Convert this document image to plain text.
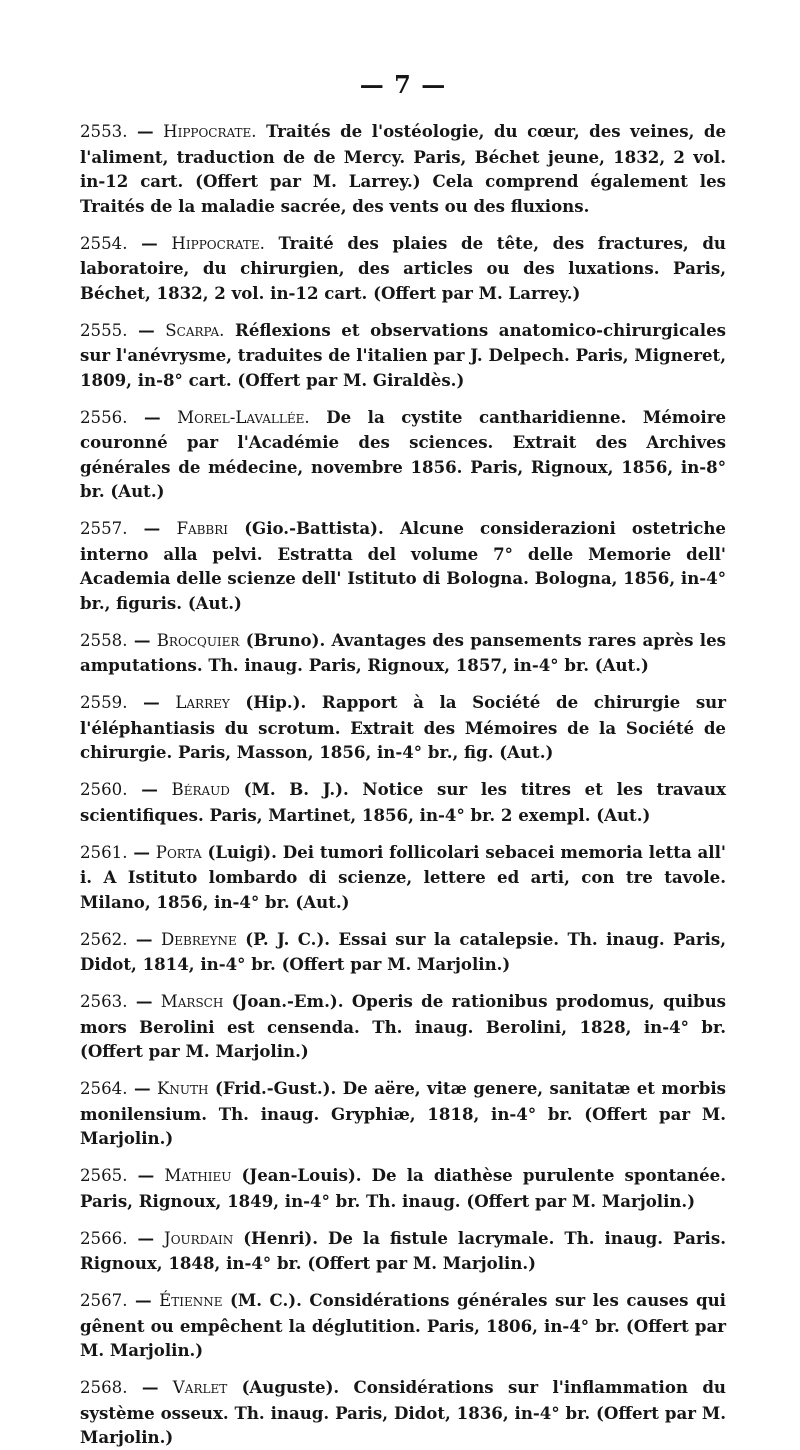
— 7 —

2553. — Hippocrate. Traités de l'ostéologie, du cœur, des veines, de l'aliment, traduction de de Mercy. Paris, Béchet jeune, 1832, 2 vol. in-12 cart. (Offert par M. Larrey.) Cela comprend également les Traités de la maladie sacrée, des vents ou des fluxions.

2554. — Hippocrate. Traité des plaies de tête, des fractures, du laboratoire, du chirurgien, des articles ou des luxations. Paris, Béchet, 1832, 2 vol. in-12 cart. (Offert par M. Larrey.)

2555. — Scarpa. Réflexions et observations anatomico-chirurgicales sur l'anévrysme, traduites de l'italien par J. Delpech. Paris, Migneret, 1809, in-8° cart. (Offert par M. Giraldès.)

2556. — Morel-Lavallée. De la cystite cantharidienne. Mémoire couronné par l'Académie des sciences. Extrait des Archives générales de médecine, novembre 1856. Paris, Rignoux, 1856, in-8° br. (Aut.)

2557. — Fabbri (Gio.-Battista). Alcune considerazioni ostetriche interno alla pelvi. Estratta del volume 7° delle Memorie dell' Academia delle scienze dell' Istituto di Bologna. Bologna, 1856, in-4° br., figuris. (Aut.)

2558. — Brocquier (Bruno). Avantages des pansements rares après les amputations. Th. inaug. Paris, Rignoux, 1857, in-4° br. (Aut.)

2559. — Larrey (Hip.). Rapport à la Société de chirurgie sur l'éléphantiasis du scrotum. Extrait des Mémoires de la Société de chirurgie. Paris, Masson, 1856, in-4° br., fig. (Aut.)

2560. — Béraud (M. B. J.). Notice sur les titres et les travaux scientifiques. Paris, Martinet, 1856, in-4° br. 2 exempl. (Aut.)

2561. — Porta (Luigi). Dei tumori follicolari sebacei memoria letta all' i. A Istituto lombardo di scienze, lettere ed arti, con tre tavole. Milano, 1856, in-4° br. (Aut.)

2562. — Debreyne (P. J. C.). Essai sur la catalepsie. Th. inaug. Paris, Didot, 1814, in-4° br. (Offert par M. Marjolin.)

2563. — Marsch (Joan.-Em.). Operis de rationibus prodomus, quibus mors Berolini est censenda. Th. inaug. Berolini, 1828, in-4° br. (Offert par M. Marjolin.)

2564. — Knuth (Frid.-Gust.). De aëre, vitæ genere, sanitatæ et morbis monilensium. Th. inaug. Gryphiæ, 1818, in-4° br. (Offert par M. Marjolin.)

2565. — Mathieu (Jean-Louis). De la diathèse purulente spontanée. Paris, Rignoux, 1849, in-4° br. Th. inaug. (Offert par M. Marjolin.)

2566. — Jourdain (Henri). De la fistule lacrymale. Th. inaug. Paris. Rignoux, 1848, in-4° br. (Offert par M. Marjolin.)

2567. — Étienne (M. C.). Considérations générales sur les causes qui gênent ou empêchent la déglutition. Paris, 1806, in-4° br. (Offert par M. Marjolin.)

2568. — Varlet (Auguste). Considérations sur l'inflammation du système osseux. Th. inaug. Paris, Didot, 1836, in-4° br. (Offert par M. Marjolin.)
